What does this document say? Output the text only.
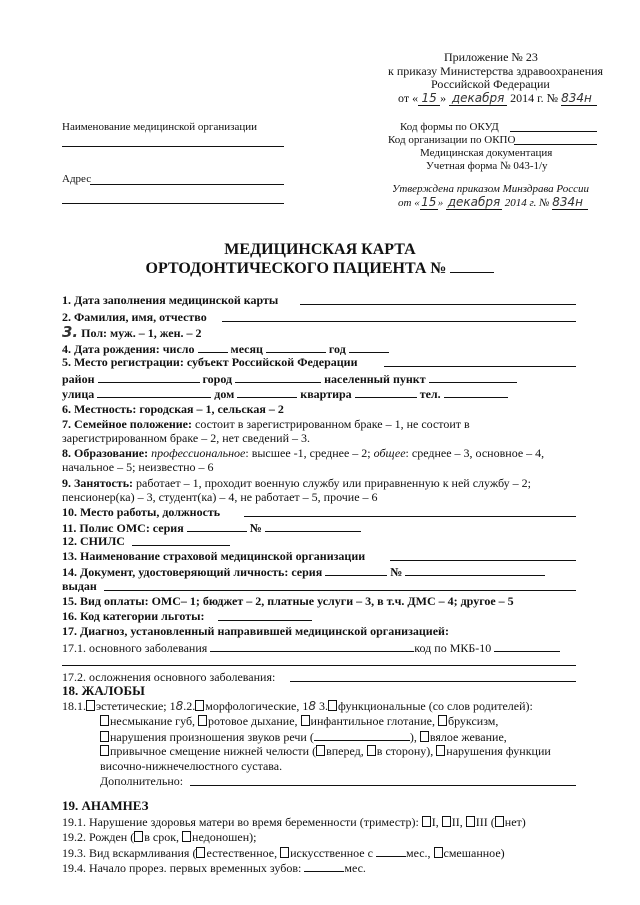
Приложение № 23
к приказу Министерства здравоохранения
Российской Федерации
от « 15 » декабря 2014 г. № 834н
Наименование медицинской организации
Адрес
Код формы по ОКУД
Код организации по ОКПО
Медицинская документация
Учетная форма № 043-1/у
Утверждена приказом Минздрава России
от «15» декабря 2014 г. № 834н
МЕДИЦИНСКАЯ КАРТА
ОРТОДОНТИЧЕСКОГО ПАЦИЕНТА №
1. Дата заполнения медицинской карты
2. Фамилия, имя, отчество
3. Пол: муж. – 1, жен. – 2
4. Дата рождения: число	месяц	год
5. Место регистрации: субъект Российской Федерации
район	город	населенный пункт
улица	дом	квартира	тел.
6. Местность: городская – 1, сельская – 2
7. Семейное положение: состоит в зарегистрированном браке – 1, не состоит в
зарегистрированном браке – 2, нет сведений – 3.
8. Образование: профессиональное: высшее -1, среднее – 2; общее: среднее – 3, основное – 4,
начальное – 5; неизвестно – 6
9. Занятость: работает – 1, проходит военную службу или приравненную к ней службу – 2;
пенсионер(ка) – 3, студент(ка) – 4, не работает – 5, прочие – 6
10. Место работы, должность
11. Полис ОМС: серия	№
12. СНИЛС
13. Наименование страховой медицинской организации
14. Документ, удостоверяющий личность: серия	№
выдан
15. Вид оплаты: ОМС– 1; бюджет – 2, платные услуги – 3, в т.ч. ДМС – 4; другое – 5
16. Код категории льготы:
17. Диагноз, установленный направившей медицинской организацией:
17.1. основного заболевания	код по МКБ-10
17.2. осложнения основного заболевания:
18. ЖАЛОБЫ
18.1. эстетические; 18.2. морфологические, 18 3. функциональные (со слов родителей):
несмыкание губ, ротовое дыхание, инфантильное глотание, бруксизм,
нарушения произношения звуков речи (	), вялое жевание,
привычное смещение нижней челюсти ( вперед, в сторону), нарушения функции
височно-нижнечелюстного сустава.
Дополнительно:
19. АНАМНЕЗ
19.1. Нарушение здоровья матери во время беременности (триместр): I, II, III ( нет)
19.2. Рожден ( в срок, недоношен);
19.3. Вид вскармливания ( естественное, искусственное с	мес., смешанное)
19.4. Начало прорез. первых временных зубов:	мес.
